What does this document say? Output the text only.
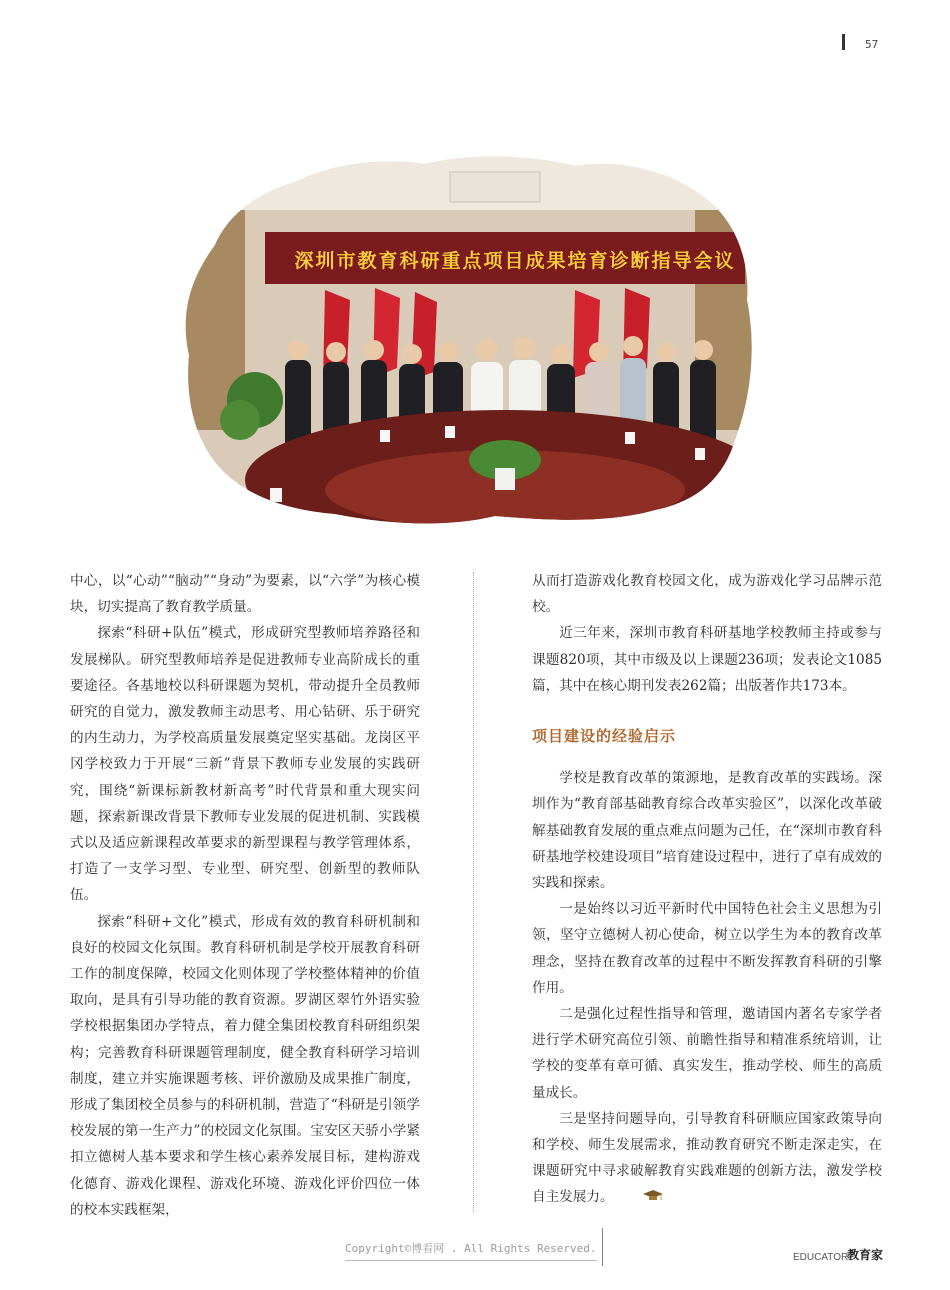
57
深圳市教育科研重点项目成果培育诊断指导会议

中心，以“心动”“脑动”“身动”为要素，以“六学”为核心模块，切实提高了教育教学质量。

探索“科研+队伍”模式，形成研究型教师培养路径和发展梯队。研究型教师培养是促进教师专业高阶成长的重要途径。各基地校以科研课题为契机，带动提升全员教师研究的自觉力，激发教师主动思考、用心钻研、乐于研究的内生动力，为学校高质量发展奠定坚实基础。龙岗区平冈学校致力于开展“三新”背景下教师专业发展的实践研究，围绕“新课标新教材新高考”时代背景和重大现实问题，探索新课改背景下教师专业发展的促进机制、实践模式以及适应新课程改革要求的新型课程与教学管理体系，打造了一支学习型、专业型、研究型、创新型的教师队伍。

探索“科研+文化”模式，形成有效的教育科研机制和良好的校园文化氛围。教育科研机制是学校开展教育科研工作的制度保障，校园文化则体现了学校整体精神的价值取向，是具有引导功能的教育资源。罗湖区翠竹外语实验学校根据集团办学特点，着力健全集团校教育科研组织架构；完善教育科研课题管理制度，健全教育科研学习培训制度，建立并实施课题考核、评价激励及成果推广制度，形成了集团校全员参与的科研机制，营造了“科研是引领学校发展的第一生产力”的校园文化氛围。宝安区天骄小学紧扣立德树人基本要求和学生核心素养发展目标，建构游戏化德育、游戏化课程、游戏化环境、游戏化评价四位一体的校本实践框架，

从而打造游戏化教育校园文化，成为游戏化学习品牌示范校。

近三年来，深圳市教育科研基地学校教师主持或参与课题820项，其中市级及以上课题236项；发表论文1085篇，其中在核心期刊发表262篇；出版著作共173本。

项目建设的经验启示

学校是教育改革的策源地，是教育改革的实践场。深圳作为“教育部基础教育综合改革实验区”，以深化改革破解基础教育发展的重点难点问题为己任，在“深圳市教育科研基地学校建设项目”培育建设过程中，进行了卓有成效的实践和探索。

一是始终以习近平新时代中国特色社会主义思想为引领，坚守立德树人初心使命，树立以学生为本的教育改革理念，坚持在教育改革的过程中不断发挥教育科研的引擎作用。

二是强化过程性指导和管理，邀请国内著名专家学者进行学术研究高位引领、前瞻性指导和精准系统培训，让学校的变革有章可循、真实发生，推动学校、师生的高质量成长。

三是坚持问题导向，引导教育科研顺应国家政策导向和学校、师生发展需求，推动教育研究不断走深走实，在课题研究中寻求破解教育实践难题的创新方法，激发学校自主发展力。

Copyright©博看网 . All Rights Reserved.
EDUCATOR
教育家
